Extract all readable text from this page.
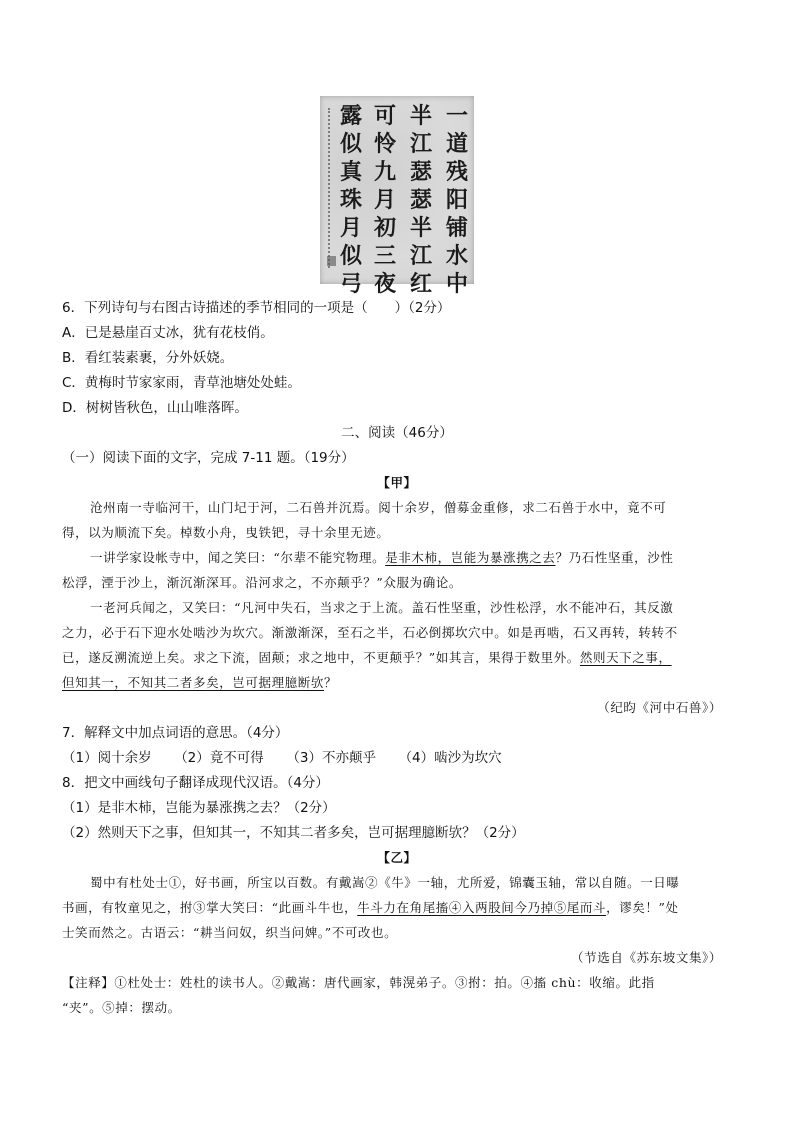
一
道
残
阳
铺
水
中
半
江
瑟
瑟
半
江
红
可
怜
九
月
初
三
夜
露
似
真
珠
月
似
弓
6．下列诗句与右图古诗描述的季节相同的一项是（　　）（2分）
A．已是悬崖百丈冰，犹有花枝俏。
B．看红装素裹，分外妖娆。
C．黄梅时节家家雨，青草池塘处处蛙。
D．树树皆秋色，山山唯落晖。
二、阅读（46分）
（一）阅读下面的文字，完成 7-11 题。（19分）
【甲】
沧州南一寺临河干，山门圮于河，二石兽并沉焉。阅十余岁，僧募金重修，求二石兽于水中，竟不可
得，以为顺流下矣。棹数小舟，曳铁钯，寻十余里无迹。
一讲学家设帐寺中，闻之笑曰：“尔辈不能究物理。是非木柿，岂能为暴涨携之去？乃石性坚重，沙性
松浮，湮于沙上，渐沉渐深耳。沿河求之，不亦颠乎？”众服为确论。
一老河兵闻之，又笑曰：“凡河中失石，当求之于上流。盖石性坚重，沙性松浮，水不能冲石，其反激
之力，必于石下迎水处啮沙为坎穴。渐激渐深，至石之半，石必倒掷坎穴中。如是再啮，石又再转，转转不
已，遂反溯流逆上矣。求之下流，固颠；求之地中，不更颠乎？”如其言，果得于数里外。然则天下之事，
但知其一，不知其二者多矣，岂可据理臆断欤？
（纪昀《河中石兽》）
7．解释文中加点词语的意思。（4分）
（1）阅十余岁 （2）竟不可得 （3）不亦颠乎 （4）啮沙为坎穴
8．把文中画线句子翻译成现代汉语。（4分）
（1）是非木柿，岂能为暴涨携之去？（2分）
（2）然则天下之事，但知其一，不知其二者多矣，岂可据理臆断欤？（2分）
【乙】
蜀中有杜处士①，好书画，所宝以百数。有戴嵩②《牛》一轴，尤所爱，锦囊玉轴，常以自随。一日曝
书画，有牧童见之，拊③掌大笑曰：“此画斗牛也，牛斗力在角尾搐④入两股间今乃掉⑤尾而斗，谬矣！”处
士笑而然之。古语云：“耕当问奴，织当问婢。”不可改也。
（节选自《苏东坡文集》）
【注释】①杜处士：姓杜的读书人。②戴嵩：唐代画家，韩滉弟子。③拊：拍。④搐 chù：收缩。此指
“夹”。⑤掉：摆动。
